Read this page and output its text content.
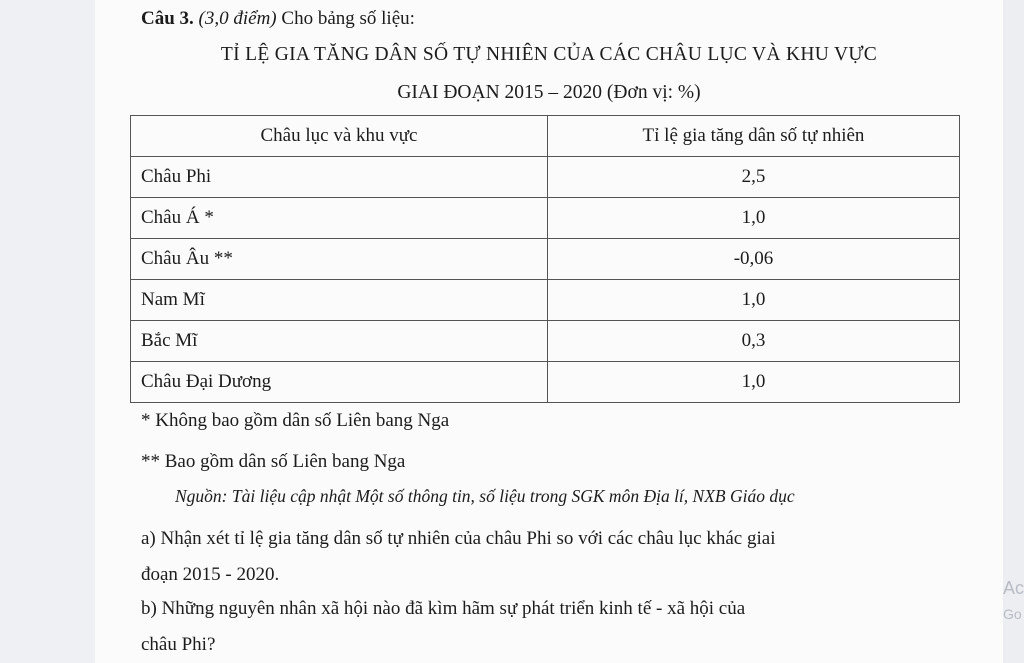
Câu 3. (3,0 điểm) Cho bảng số liệu:
TỈ LỆ GIA TĂNG DÂN SỐ TỰ NHIÊN CỦA CÁC CHÂU LỤC VÀ KHU VỰC
GIAI ĐOẠN 2015 – 2020 (Đơn vị: %)
Châu lục và khu vực	Tỉ lệ gia tăng dân số tự nhiên
Châu Phi	2,5
Châu Á *	1,0
Châu Âu **	-0,06
Nam Mĩ	1,0
Bắc Mĩ	0,3
Châu Đại Dương	1,0
* Không bao gồm dân số Liên bang Nga
** Bao gồm dân số Liên bang Nga
Nguồn: Tài liệu cập nhật Một số thông tin, số liệu trong SGK môn Địa lí, NXB Giáo dục
a) Nhận xét tỉ lệ gia tăng dân số tự nhiên của châu Phi so với các châu lục khác giai
đoạn 2015 - 2020.
b) Những nguyên nhân xã hội nào đã kìm hãm sự phát triển kinh tế - xã hội của
châu Phi?
Ac
Go
